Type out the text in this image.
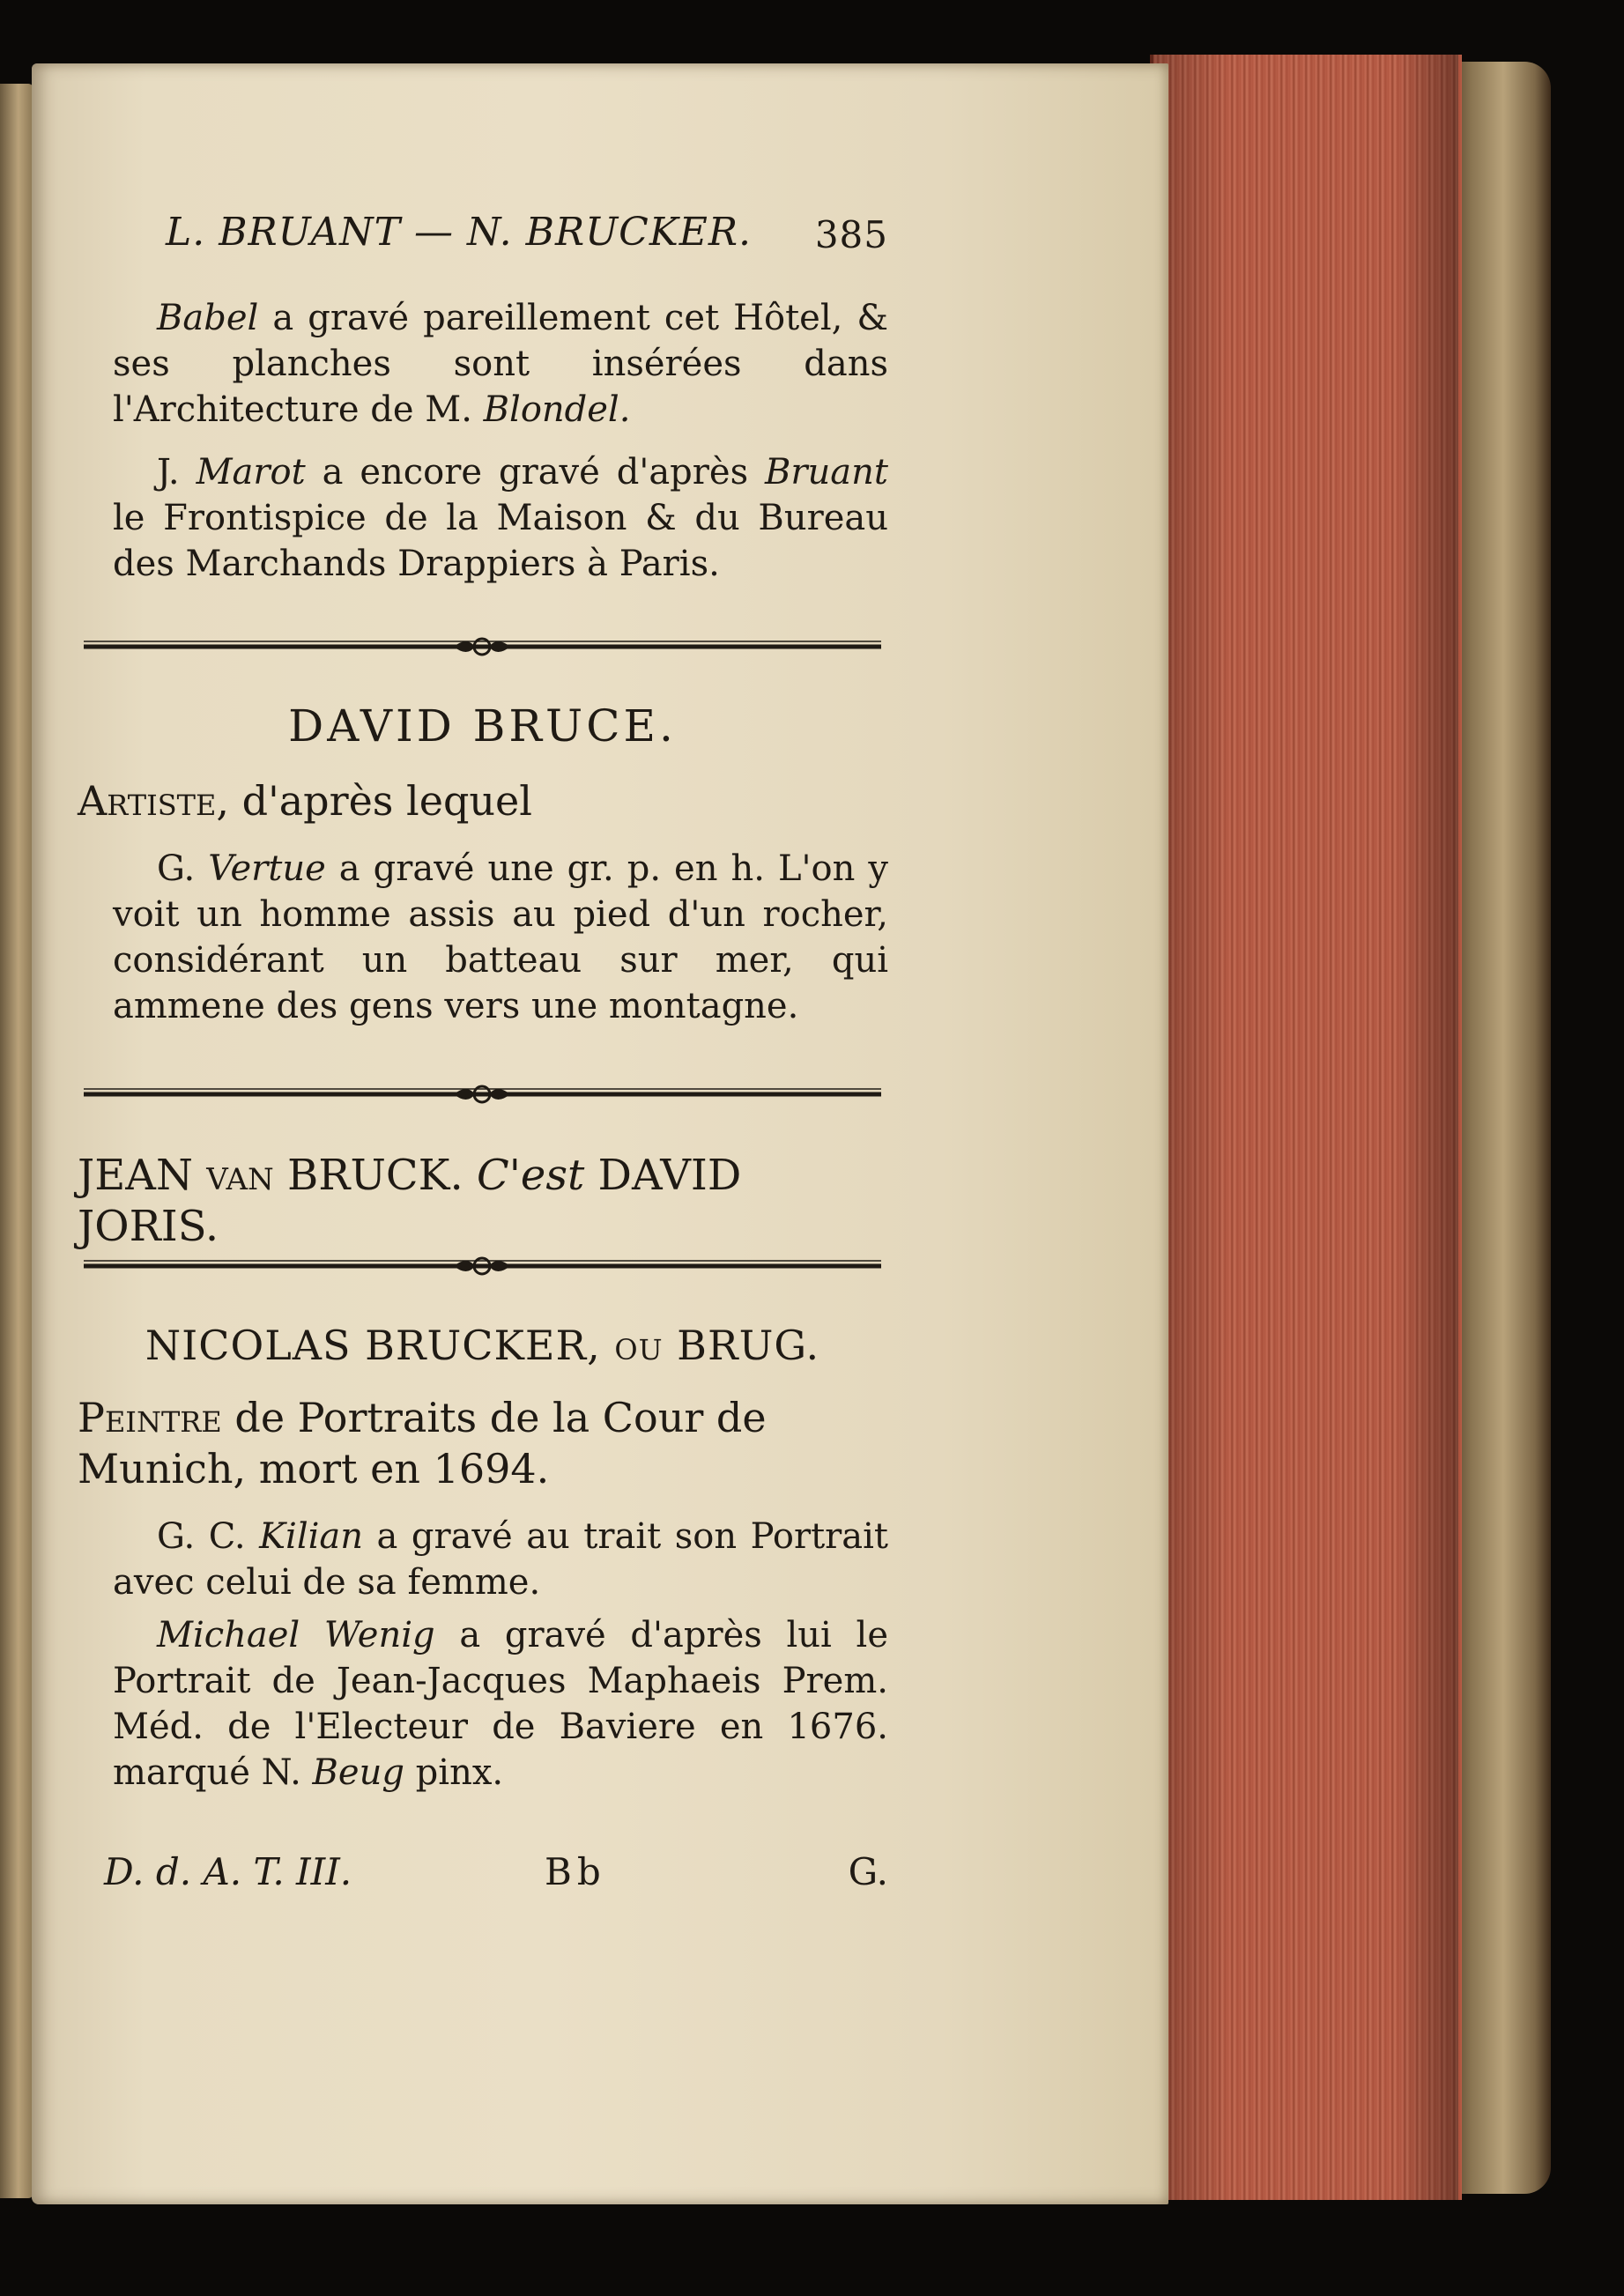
L. BRUANT — N. BRUCKER. 385
Babel a gravé pareillement cet Hôtel, & ses planches sont insérées dans l'Architecture de M. Blondel.
J. Marot a encore gravé d'après Bruant le Frontispice de la Maison & du Bureau des Marchands Drappiers à Paris.
DAVID BRUCE.
Artiste, d'après lequel
G. Vertue a gravé une gr. p. en h. L'on y voit un homme assis au pied d'un rocher, considérant un batteau sur mer, qui ammene des gens vers une montagne.
JEAN van BRUCK. C'est DAVID JORIS.
NICOLAS BRUCKER, ou BRUG.
Peintre de Portraits de la Cour de Munich, mort en 1694.
G. C. Kilian a gravé au trait son Portrait avec celui de sa femme.
Michael Wenig a gravé d'après lui le Portrait de Jean-Jacques Maphaeis Prem. Méd. de l'Electeur de Baviere en 1676. marqué N. Beug pinx.
D. d. A. T. III.	Bb	G.
